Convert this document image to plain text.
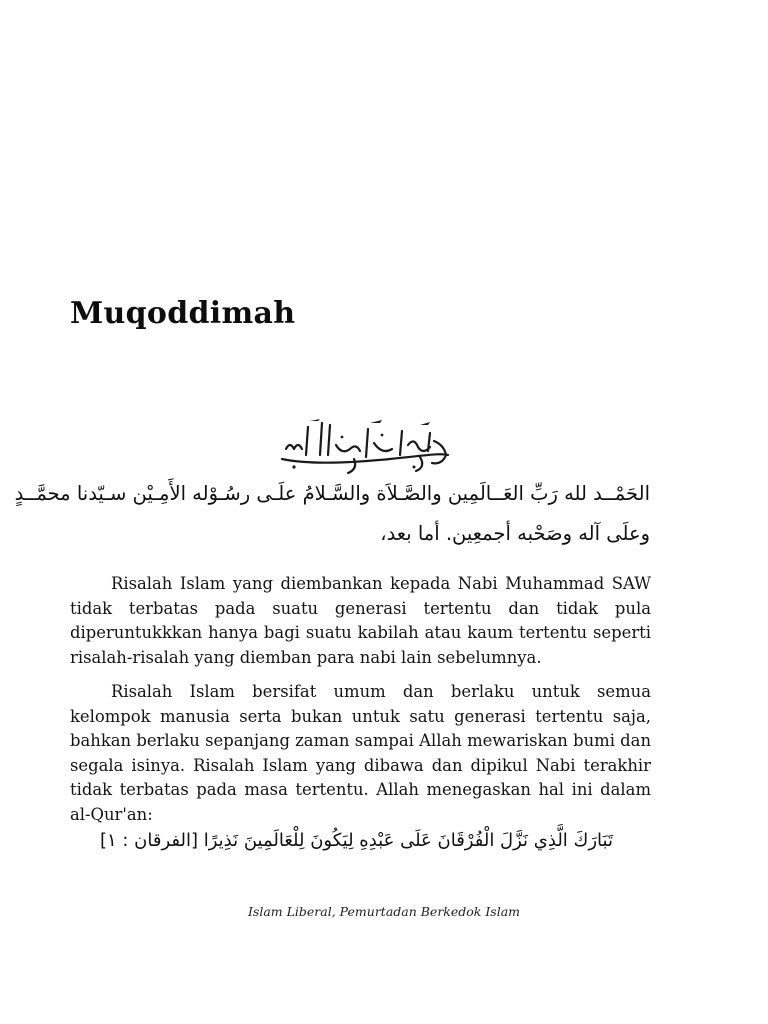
Muqoddimah
الحَمْــد لله رَبِّ العَــالَمِين والصَّـلاَة والسَّـلامُ علَـى رسُـوْله الأَمِـيْن سـيّدنا محمَّــدٍ
وعلَى آله وصَحْبه أجمعِين. أما بعد،

Risalah Islam yang diembankan kepada Nabi Muhammad SAW tidak terbatas pada suatu generasi tertentu dan tidak pula diperuntukkkan hanya bagi suatu kabilah atau kaum tertentu seperti risalah-risalah yang diemban para nabi lain sebelumnya.

Risalah Islam bersifat umum dan berlaku untuk semua kelompok manusia serta bukan untuk satu generasi tertentu saja, bahkan berlaku sepanjang zaman sampai Allah mewariskan bumi dan segala isinya. Risalah Islam yang dibawa dan dipikul Nabi terakhir tidak terbatas pada masa tertentu. Allah menegaskan hal ini dalam al-Qur'an:

تَبَارَكَ الَّذِي نَزَّلَ الْفُرْقَانَ عَلَى عَبْدِهِ لِيَكُونَ لِلْعَالَمِينَ نَذِيرًا [الفرقان : ١]
Islam Liberal, Pemurtadan Berkedok Islam
